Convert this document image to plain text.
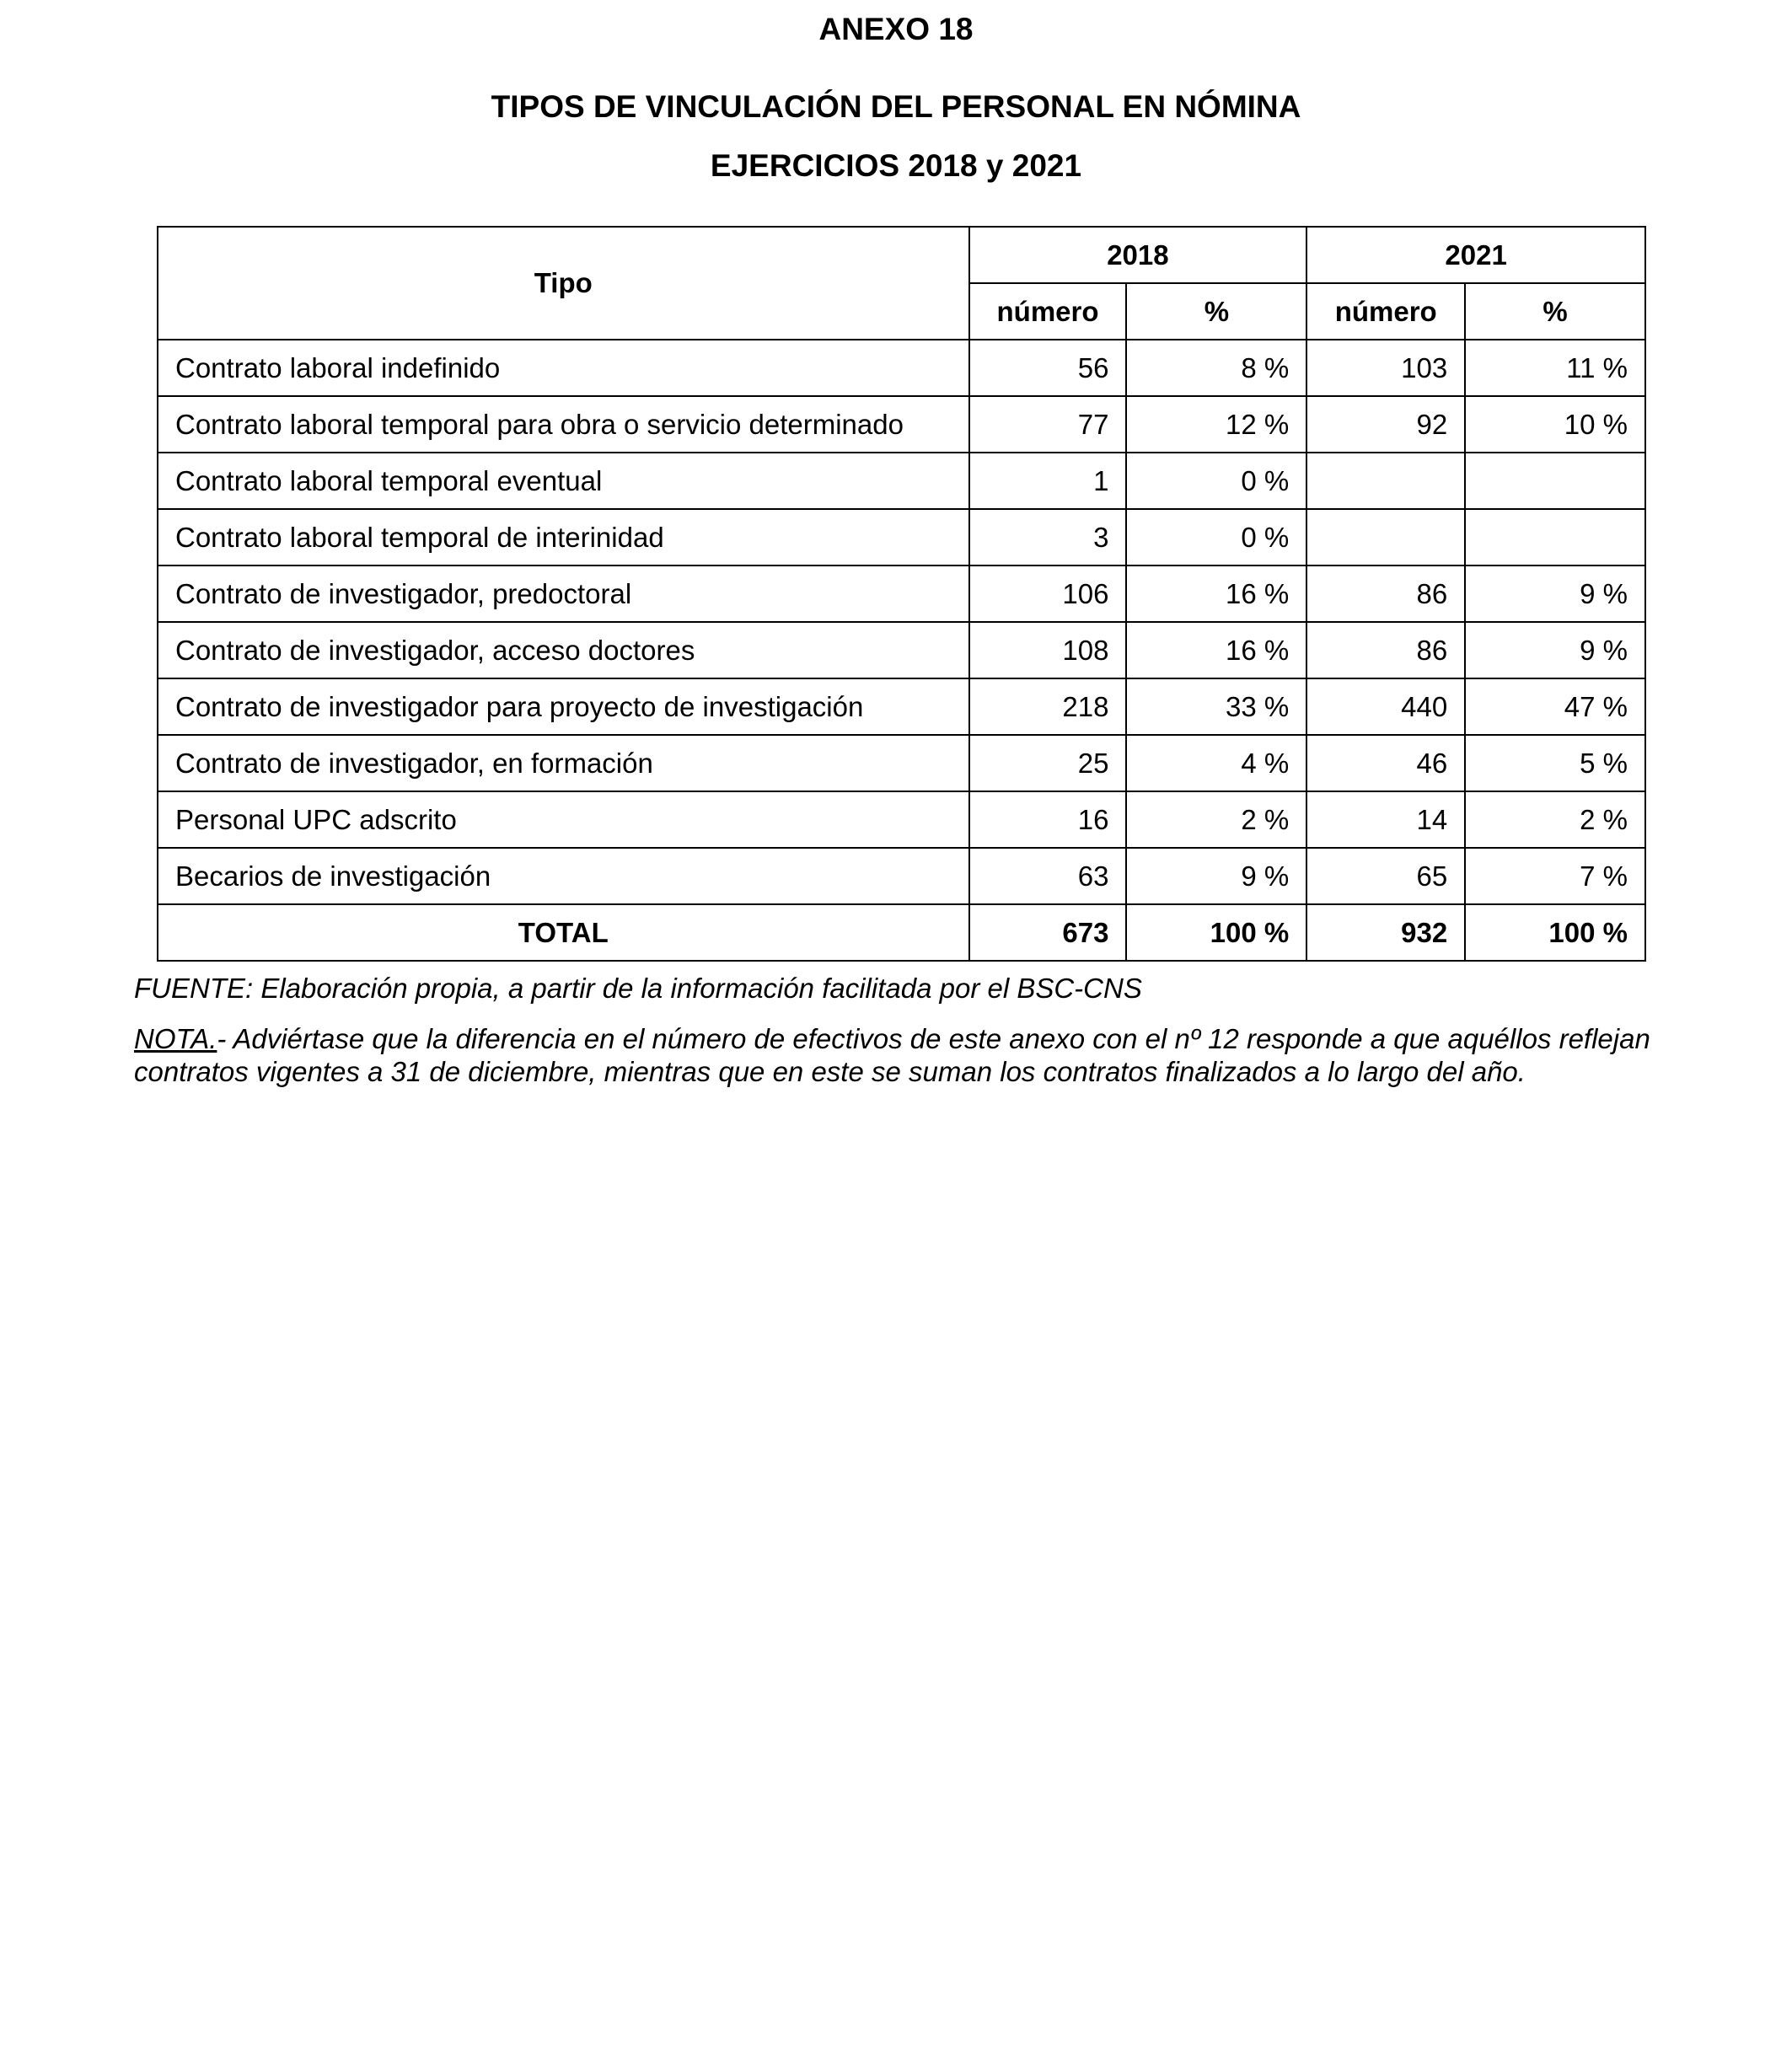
ANEXO 18
TIPOS DE VINCULACIÓN DEL PERSONAL EN NÓMINA
EJERCICIOS 2018 y 2021
Tipo	2018		2021	
	número	%	número	%
Contrato laboral indefinido	56	8 %	103	11 %
Contrato laboral temporal para obra o servicio determinado	77	12 %	92	10 %
Contrato laboral temporal eventual	1	0 %		
Contrato laboral temporal de interinidad	3	0 %		
Contrato de investigador, predoctoral	106	16 %	86	9 %
Contrato de investigador, acceso doctores	108	16 %	86	9 %
Contrato de investigador para proyecto de investigación	218	33 %	440	47 %
Contrato de investigador, en formación	25	4 %	46	5 %
Personal UPC adscrito	16	2 %	14	2 %
Becarios de investigación	63	9 %	65	7 %
TOTAL	673	100 %	932	100 %
FUENTE: Elaboración propia, a partir de la información facilitada por el BSC-CNS
NOTA.- Adviértase que la diferencia en el número de efectivos de este anexo con el nº 12 responde a que aquéllos reflejan contratos vigentes a 31 de diciembre, mientras que en este se suman los contratos finalizados a lo largo del año.
